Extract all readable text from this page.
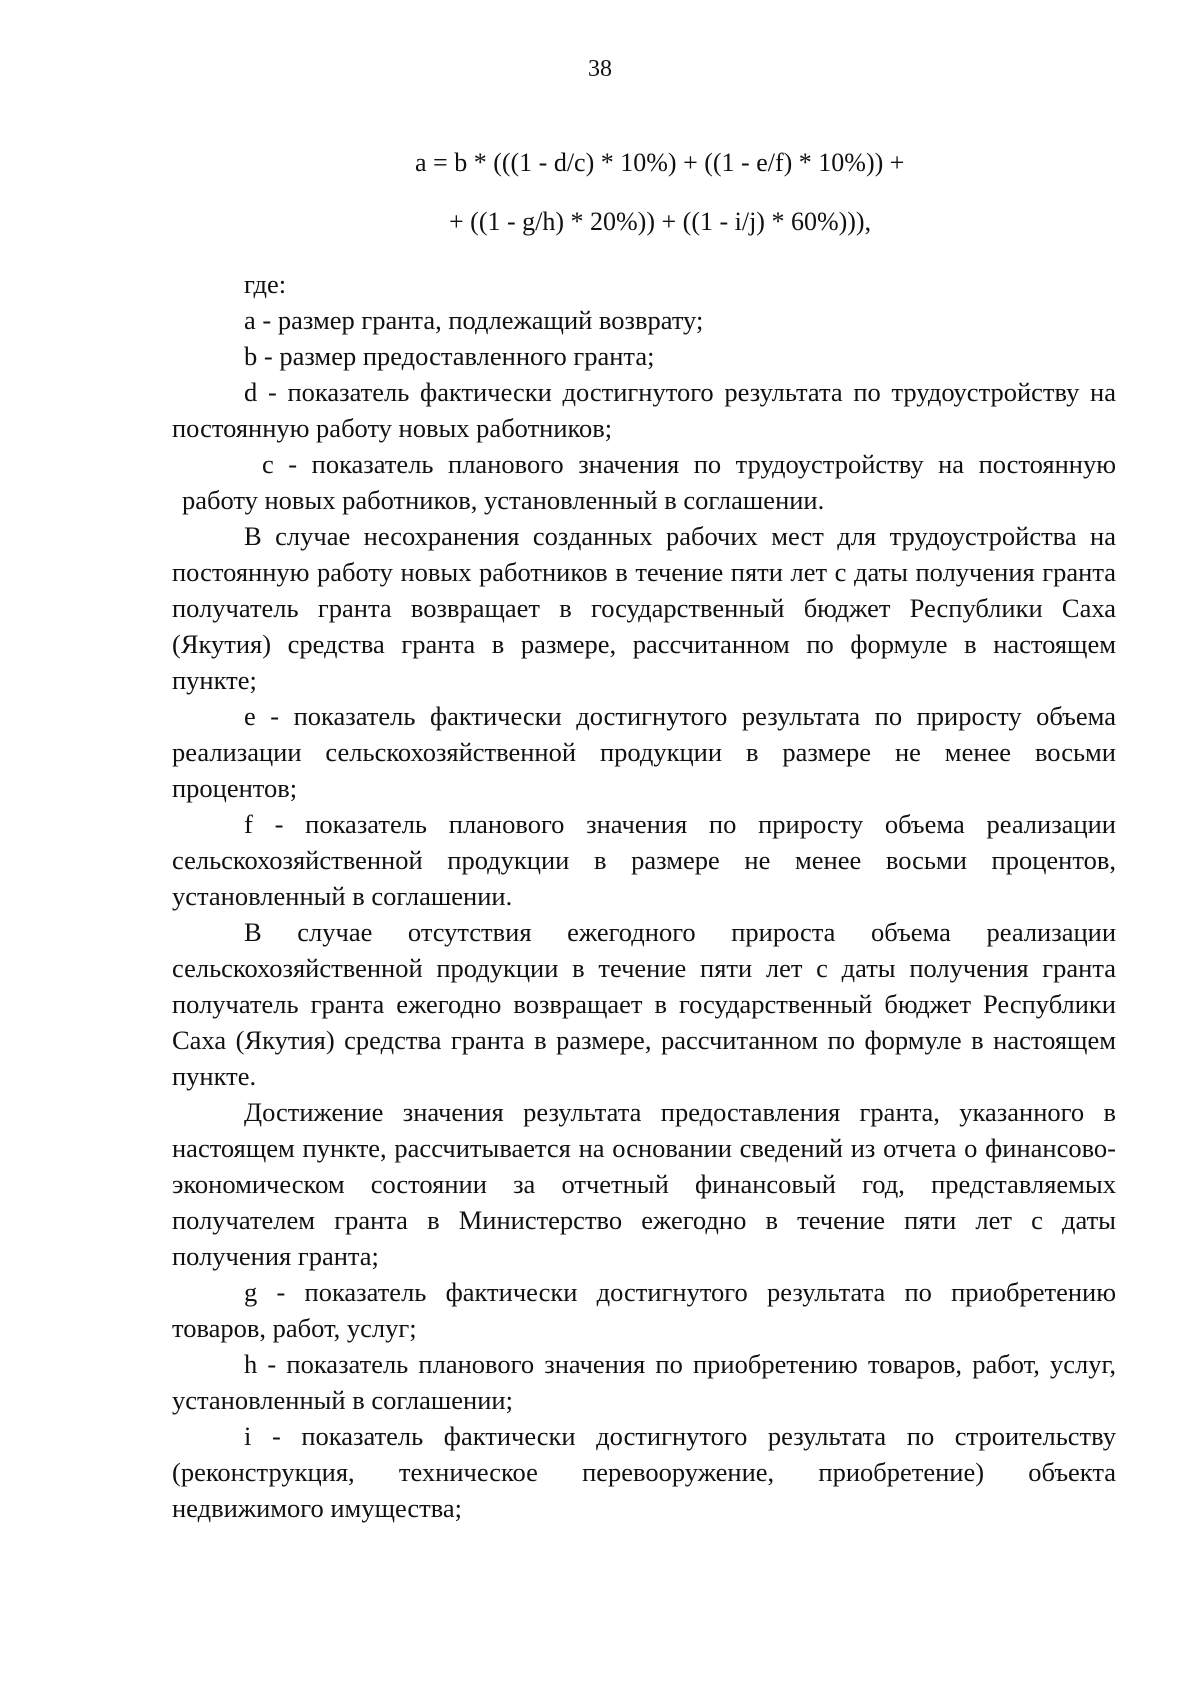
38
a = b * (((1 - d/c) * 10%) + ((1 - e/f) * 10%)) +
+ ((1 - g/h) * 20%)) + ((1 - i/j) * 60%))),

где:

a - размер гранта, подлежащий возврату;

b - размер предоставленного гранта;

d - показатель фактически достигнутого результата по трудоустройству на постоянную работу новых работников;

c - показатель планового значения по трудоустройству на постоянную работу новых работников, установленный в соглашении.

В случае несохранения созданных рабочих мест для трудоустройства на постоянную работу новых работников в течение пяти лет с даты получения гранта получатель гранта возвращает в государственный бюджет Республики Саха (Якутия) средства гранта в размере, рассчитанном по формуле в настоящем пункте;

e - показатель фактически достигнутого результата по приросту объема реализации сельскохозяйственной продукции в размере не менее восьми процентов;

f - показатель планового значения по приросту объема реализации сельскохозяйственной продукции в размере не менее восьми процентов, установленный в соглашении.

В случае отсутствия ежегодного прироста объема реализации сельскохозяйственной продукции в течение пяти лет с даты получения гранта получатель гранта ежегодно возвращает в государственный бюджет Республики Саха (Якутия) средства гранта в размере, рассчитанном по формуле в настоящем пункте.

Достижение значения результата предоставления гранта, указанного в настоящем пункте, рассчитывается на основании сведений из отчета о финансово-экономическом состоянии за отчетный финансовый год, представляемых получателем гранта в Министерство ежегодно в течение пяти лет с даты получения гранта;

g - показатель фактически достигнутого результата по приобретению товаров, работ, услуг;

h - показатель планового значения по приобретению товаров, работ, услуг, установленный в соглашении;

i - показатель фактически достигнутого результата по строительству (реконструкция, техническое перевооружение, приобретение) объекта недвижимого имущества;
